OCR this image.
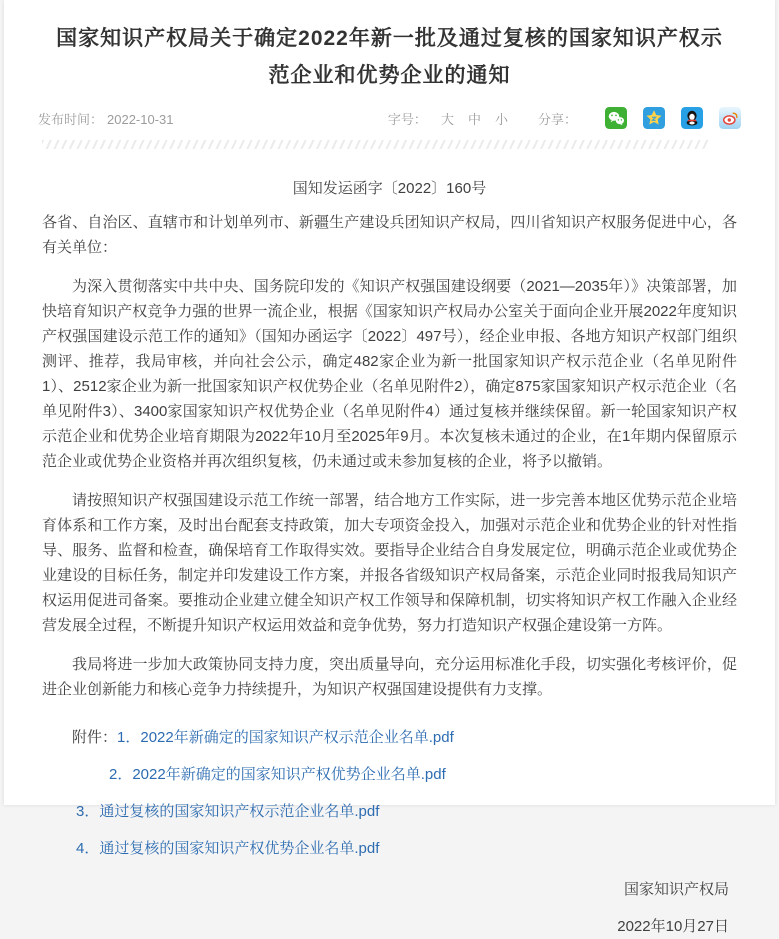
国家知识产权局关于确定2022年新一批及通过复核的国家知识产权示范企业和优势企业的通知
发布时间： 2022-10-31	字号： 大 中 小 分享：

国知发运函字〔2022〕160号

各省、自治区、直辖市和计划单列市、新疆生产建设兵团知识产权局，四川省知识产权服务促进中心，各有关单位：

为深入贯彻落实中共中央、国务院印发的《知识产权强国建设纲要（2021—2035年）》决策部署，加快培育知识产权竞争力强的世界一流企业，根据《国家知识产权局办公室关于面向企业开展2022年度知识产权强国建设示范工作的通知》（国知办函运字〔2022〕497号），经企业申报、各地方知识产权部门组织测评、推荐，我局审核，并向社会公示，确定482家企业为新一批国家知识产权示范企业（名单见附件1）、2512家企业为新一批国家知识产权优势企业（名单见附件2），确定875家国家知识产权示范企业（名单见附件3）、3400家国家知识产权优势企业（名单见附件4）通过复核并继续保留。新一轮国家知识产权示范企业和优势企业培育期限为2022年10月至2025年9月。本次复核未通过的企业，在1年期内保留原示范企业或优势企业资格并再次组织复核，仍未通过或未参加复核的企业，将予以撤销。

请按照知识产权强国建设示范工作统一部署，结合地方工作实际，进一步完善本地区优势示范企业培育体系和工作方案，及时出台配套支持政策，加大专项资金投入，加强对示范企业和优势企业的针对性指导、服务、监督和检查，确保培育工作取得实效。要指导企业结合自身发展定位，明确示范企业或优势企业建设的目标任务，制定并印发建设工作方案，并报各省级知识产权局备案，示范企业同时报我局知识产权运用促进司备案。要推动企业建立健全知识产权工作领导和保障机制，切实将知识产权工作融入企业经营发展全过程，不断提升知识产权运用效益和竞争优势，努力打造知识产权强企建设第一方阵。

我局将进一步加大政策协同支持力度，突出质量导向，充分运用标准化手段，切实强化考核评价，促进企业创新能力和核心竞争力持续提升，为知识产权强国建设提供有力支撑。

附件：1．2022年新确定的国家知识产权示范企业名单.pdf
2．2022年新确定的国家知识产权优势企业名单.pdf
3．通过复核的国家知识产权示范企业名单.pdf
4．通过复核的国家知识产权优势企业名单.pdf

国家知识产权局

2022年10月27日
